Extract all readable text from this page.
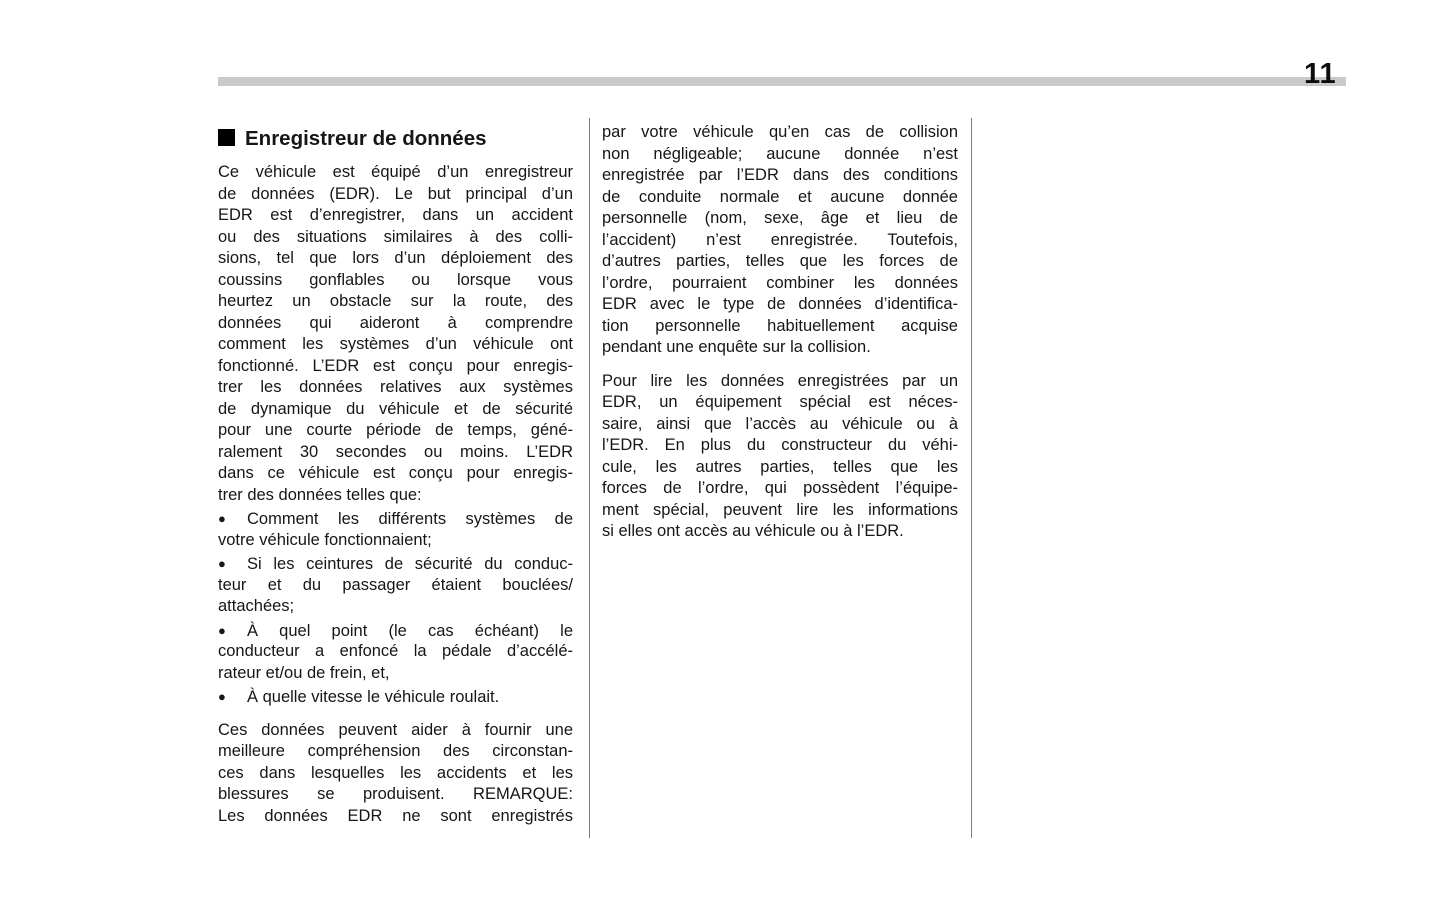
11
Enregistreur de données
Ce véhicule est équipé d’un enregistreur
de données (EDR). Le but principal d’un
EDR est d’enregistrer, dans un accident
ou des situations similaires à des colli-
sions, tel que lors d’un déploiement des
coussins gonflables ou lorsque vous
heurtez un obstacle sur la route, des
données qui aideront à comprendre
comment les systèmes d’un véhicule ont
fonctionné. L’EDR est conçu pour enregis-
trer les données relatives aux systèmes
de dynamique du véhicule et de sécurité
pour une courte période de temps, géné-
ralement 30 secondes ou moins. L’EDR
dans ce véhicule est conçu pour enregis-
trer des données telles que:
● Comment les différents systèmes de
votre véhicule fonctionnaient;
● Si les ceintures de sécurité du conduc-
teur et du passager étaient bouclées/
attachées;
● À quel point (le cas échéant) le
conducteur a enfoncé la pédale d’accélé-
rateur et/ou de frein, et,
● À quelle vitesse le véhicule roulait.
Ces données peuvent aider à fournir une
meilleure compréhension des circonstan-
ces dans lesquelles les accidents et les
blessures se produisent. REMARQUE:
Les données EDR ne sont enregistrés
par votre véhicule qu’en cas de collision
non négligeable; aucune donnée n’est
enregistrée par l’EDR dans des conditions
de conduite normale et aucune donnée
personnelle (nom, sexe, âge et lieu de
l’accident) n’est enregistrée. Toutefois,
d’autres parties, telles que les forces de
l’ordre, pourraient combiner les données
EDR avec le type de données d’identifica-
tion personnelle habituellement acquise
pendant une enquête sur la collision.
Pour lire les données enregistrées par un
EDR, un équipement spécial est néces-
saire, ainsi que l’accès au véhicule ou à
l’EDR. En plus du constructeur du véhi-
cule, les autres parties, telles que les
forces de l’ordre, qui possèdent l’équipe-
ment spécial, peuvent lire les informations
si elles ont accès au véhicule ou à l’EDR.
